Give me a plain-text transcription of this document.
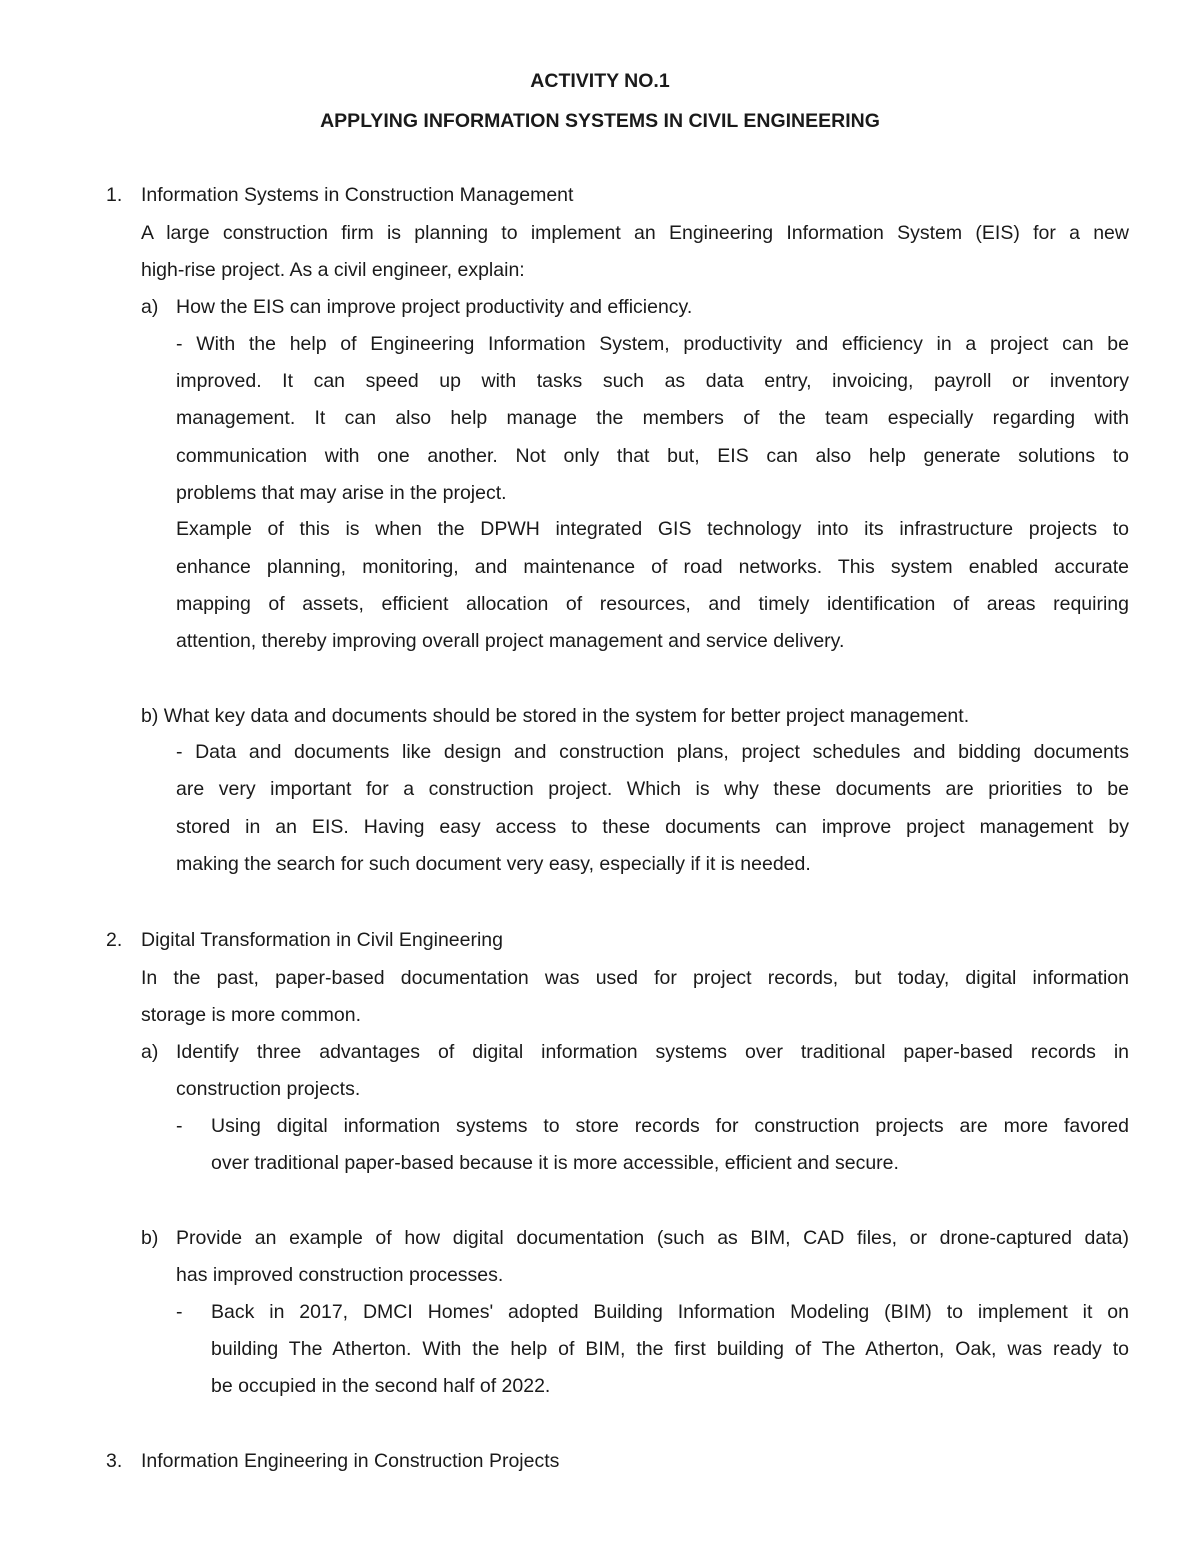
ACTIVITY NO.1

APPLYING INFORMATION SYSTEMS IN CIVIL ENGINEERING

1. Information Systems in Construction Management

A large construction firm is planning to implement an Engineering Information System (EIS) for a new

high-rise project. As a civil engineer, explain:

a) How the EIS can improve project productivity and efficiency.

- With the help of Engineering Information System, productivity and efficiency in a project can be

improved. It can speed up with tasks such as data entry, invoicing, payroll or inventory

management. It can also help manage the members of the team especially regarding with

communication with one another. Not only that but, EIS can also help generate solutions to

problems that may arise in the project.

Example of this is when the DPWH integrated GIS technology into its infrastructure projects to

enhance planning, monitoring, and maintenance of road networks. This system enabled accurate

mapping of assets, efficient allocation of resources, and timely identification of areas requiring

attention, thereby improving overall project management and service delivery.

b) What key data and documents should be stored in the system for better project management.

- Data and documents like design and construction plans, project schedules and bidding documents

are very important for a construction project. Which is why these documents are priorities to be

stored in an EIS. Having easy access to these documents can improve project management by

making the search for such document very easy, especially if it is needed.

2. Digital Transformation in Civil Engineering

In the past, paper-based documentation was used for project records, but today, digital information

storage is more common.

a) Identify three advantages of digital information systems over traditional paper-based records in

construction projects.

- Using digital information systems to store records for construction projects are more favored

over traditional paper-based because it is more accessible, efficient and secure.

b) Provide an example of how digital documentation (such as BIM, CAD files, or drone-captured data)

has improved construction processes.

- Back in 2017, DMCI Homes' adopted Building Information Modeling (BIM) to implement it on

building The Atherton. With the help of BIM, the first building of The Atherton, Oak, was ready to

be occupied in the second half of 2022.

3. Information Engineering in Construction Projects
